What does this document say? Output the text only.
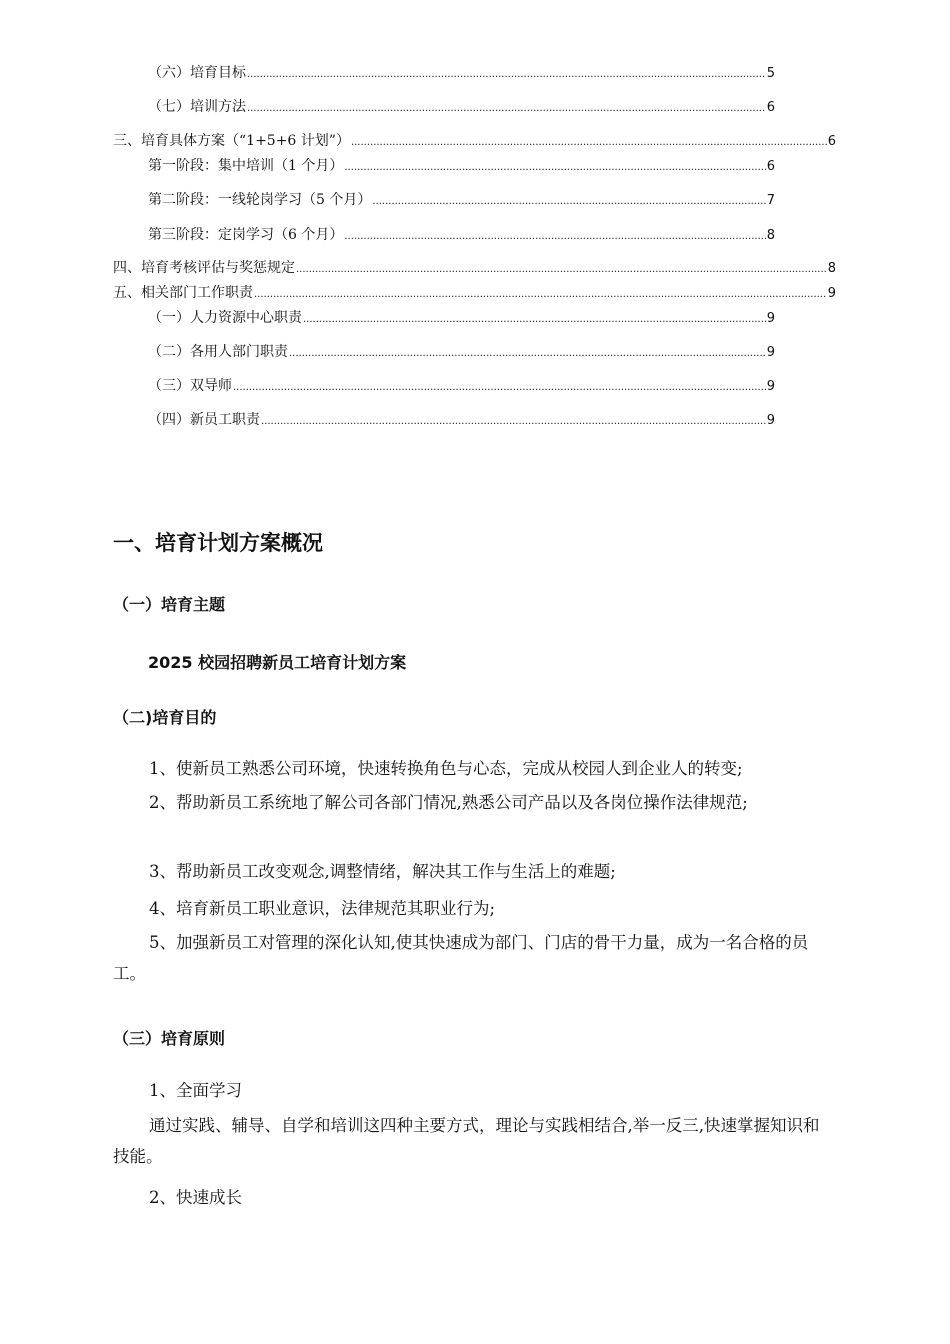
（六）培育目标 .....	5
（七）培训方法 .....	6
三、培育具体方案（“1+5+6 计划”） .....	6
第一阶段：集中培训（1 个月） .....	6
第二阶段：一线轮岗学习（5 个月） .....	7
第三阶段：定岗学习（6 个月） .....	8
四、培育考核评估与奖惩规定 .....	8
五、相关部门工作职责 .....	9
（一）人力资源中心职责 .....	9
（二）各用人部门职责 .....	9
（三）双导师 .....	9
（四）新员工职责 .....	9
一、培育计划方案概况
（一）培育主题
2025 校园招聘新员工培育计划方案
（二)培育目的
1、使新员工熟悉公司环境，快速转换角色与心态，完成从校园人到企业人的转变;
2、帮助新员工系统地了解公司各部门情况,熟悉公司产品以及各岗位操作法律规范;
3、帮助新员工改变观念,调整情绪，解决其工作与生活上的难题;
4、培育新员工职业意识，法律规范其职业行为;
5、加强新员工对管理的深化认知,使其快速成为部门、门店的骨干力量，成为一名合格的员工。
（三）培育原则
1、全面学习
通过实践、辅导、自学和培训这四种主要方式，理论与实践相结合,举一反三,快速掌握知识和技能。
2、快速成长
